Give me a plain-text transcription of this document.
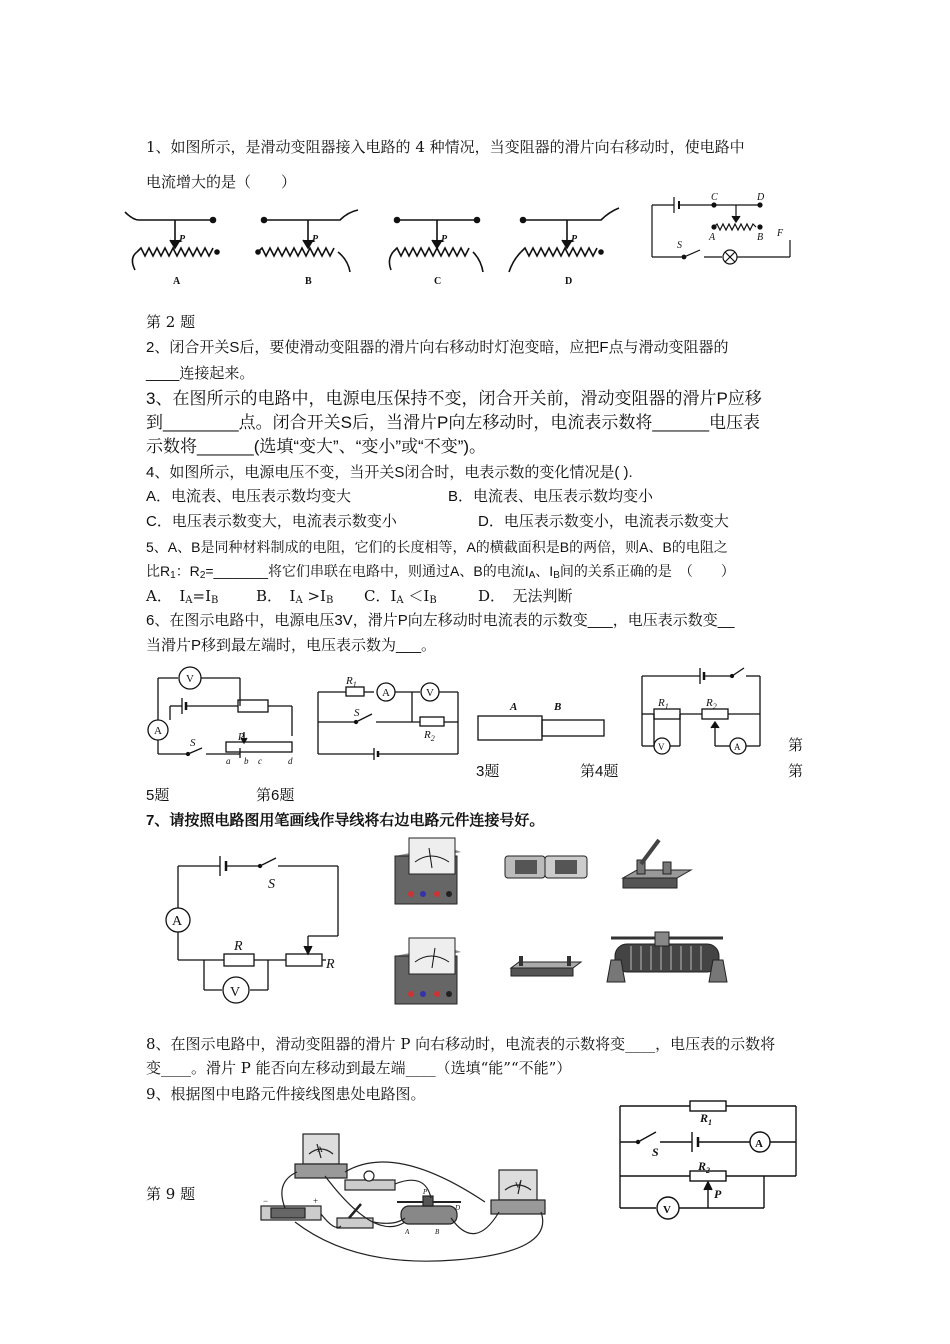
1、如图所示，是滑动变阻器接入电路的 4 种情况，当变阻器的滑片向右移动时，使电路中
电流增大的是（　　）
A	B	C	D
P	P	P	P
C	D
A	B F
S
第 2 题
2、闭合开关S后，要使滑动变阻器的滑片向右移动时灯泡变暗，应把F点与滑动变阻器的
____连接起来。
3、在图所示的电路中，电源电压保持不变，闭合开关前，滑动变阻器的滑片P应移
到________点。闭合开关S后，当滑片P向左移动时，电流表示数将______电压表
示数将______(选填“变大”、“变小”或“不变”)。
4、如图所示，电源电压不变，当开关S闭合时，电表示数的变化情况是( ).
A．电流表、电压表示数均变大	B．电流表、电压表示数均变小
C．电压表示数变大，电流表示数变小	D．电压表示数变小，电流表示数变大
5、A、B是同种材料制成的电阻，它们的长度相等，A的横截面积是B的两倍，则A、B的电阻之
比$R_1$：$R_2=\_\_\_\_\_\_\_$将它们串联在电路中，则通过A、B的电流$I_A$、$I_B$间的关系正确的是　（　　）
A．　$I_A=I_B$	B．　$I_A >I_B$ C．$I_A <I_B$	D．　无法判断
6、在图示电路中，电源电压3V，滑片P向左移动时电流表的示数变___，电压表示数变__
当滑片P移到最左端时，电压表示数为___。
V
A
S	P
a b c	d
$R_1$
A	V
S
$R_2$
A	B	$R_1$	$R_2$
V	A	第
3题	第4题	第
5题	第6题
7、请按照电路图用笔画线作导线将右边电路元件连接号好。
A
V
S
R
R
8、在图示电路中，滑动变阻器的滑片 P 向右移动时，电流表的示数将变____，电压表的示数将
变____。滑片 P 能否向左移动到最左端____（选填“能”“不能”）
9、根据图中电路元件接线图患处电路图。
第 9 题
A
V
−	+
P
A	B
D
$R_1$
$R_2$
S
A
V
P
